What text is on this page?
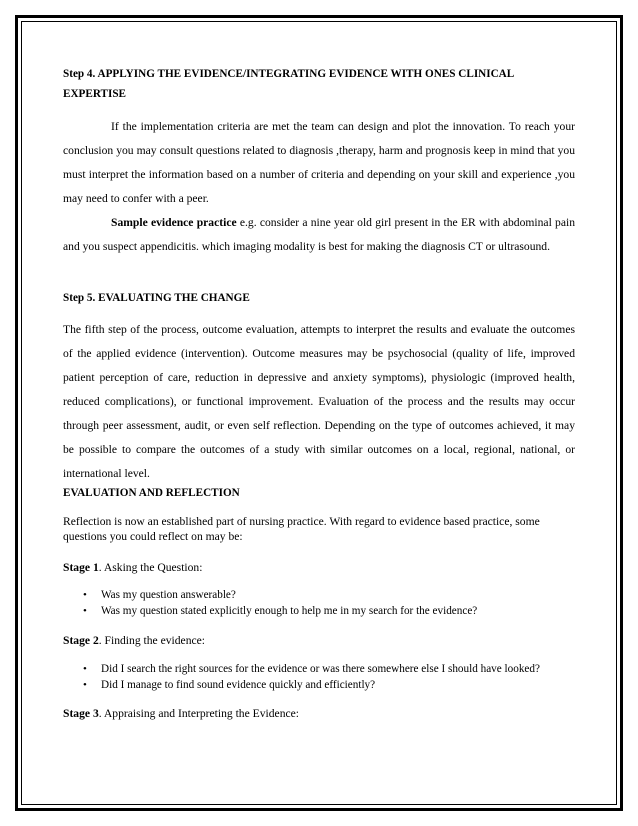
Step 4. APPLYING THE EVIDENCE/INTEGRATING EVIDENCE WITH ONES CLINICAL EXPERTISE
If the implementation criteria are met the team can design and plot the innovation. To reach your conclusion you may consult questions related to diagnosis ,therapy, harm and prognosis keep in mind that you must interpret the information based on a number of criteria and depending on your skill and experience ,you may need to confer with a peer.
Sample evidence practice e.g. consider a nine year old girl present in the ER with abdominal pain and you suspect appendicitis. which imaging modality is best for making the diagnosis CT or ultrasound.
Step 5. EVALUATING THE CHANGE
The fifth step of the process, outcome evaluation, attempts to interpret the results and evaluate the outcomes of the applied evidence (intervention). Outcome measures may be psychosocial (quality of life, improved patient perception of care, reduction in depressive and anxiety symptoms), physiologic (improved health, reduced complications), or functional improvement. Evaluation of the process and the results may occur through peer assessment, audit, or even self reflection. Depending on the type of outcomes achieved, it may be possible to compare the outcomes of a study with similar outcomes on a local, regional, national, or international level.
EVALUATION AND REFLECTION
Reflection is now an established part of nursing practice. With regard to evidence based practice, some questions you could reflect on may be:
Stage 1. Asking the Question:
• Was my question answerable?
• Was my question stated explicitly enough to help me in my search for the evidence?
Stage 2. Finding the evidence:
• Did I search the right sources for the evidence or was there somewhere else I should have looked?
• Did I manage to find sound evidence quickly and efficiently?
Stage 3. Appraising and Interpreting the Evidence:
